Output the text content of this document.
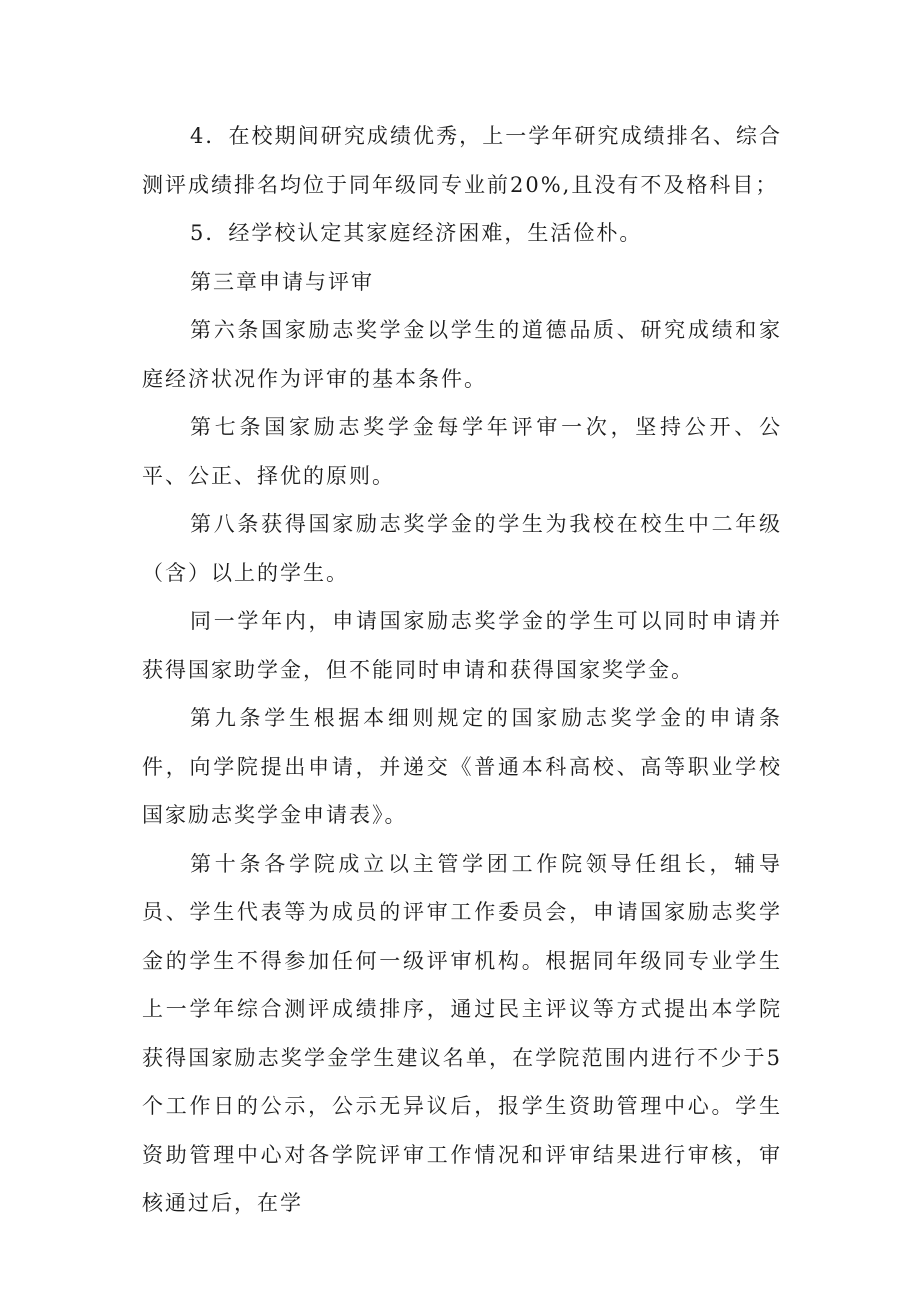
4．在校期间研究成绩优秀，上一学年研究成绩排名、综合测评成绩排名均位于同年级同专业前20%,且没有不及格科目；

5．经学校认定其家庭经济困难，生活俭朴。

第三章申请与评审

第六条国家励志奖学金以学生的道德品质、研究成绩和家庭经济状况作为评审的基本条件。

第七条国家励志奖学金每学年评审一次，坚持公开、公平、公正、择优的原则。

第八条获得国家励志奖学金的学生为我校在校生中二年级（含）以上的学生。

同一学年内，申请国家励志奖学金的学生可以同时申请并获得国家助学金，但不能同时申请和获得国家奖学金。

第九条学生根据本细则规定的国家励志奖学金的申请条件，向学院提出申请，并递交《普通本科高校、高等职业学校国家励志奖学金申请表》。

第十条各学院成立以主管学团工作院领导任组长，辅导员、学生代表等为成员的评审工作委员会，申请国家励志奖学金的学生不得参加任何一级评审机构。根据同年级同专业学生上一学年综合测评成绩排序，通过民主评议等方式提出本学院获得国家励志奖学金学生建议名单，在学院范围内进行不少于5个工作日的公示，公示无异议后，报学生资助管理中心。学生资助管理中心对各学院评审工作情况和评审结果进行审核，审核通过后，在学
